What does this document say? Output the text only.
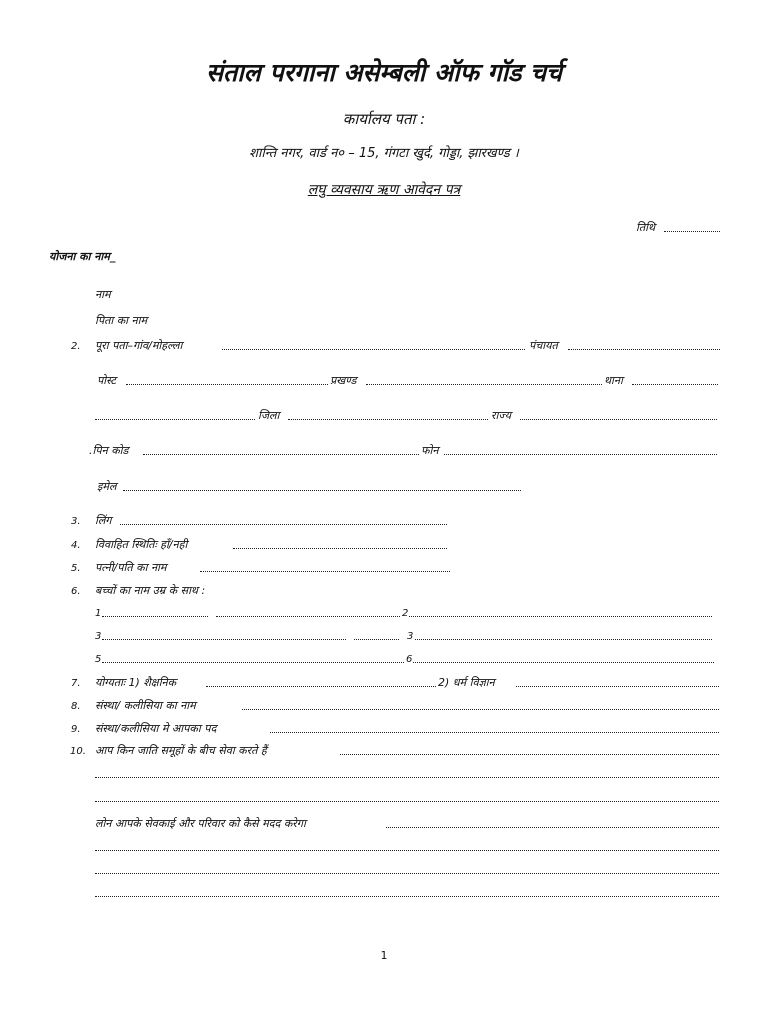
संताल परगाना असेम्बली ऑफ गॉड चर्च
कार्यालय पता :
शान्ति नगर, वार्ड न० – 15, गंगटा खुर्द, गोड्डा, झारखण्ड ।
लघु व्यवसाय ऋण आवेदन पत्र
तिथि
योजना का नाम_
नाम
पिता का नाम
2. पूरा पता–गांव/मोहल्ला	पंचायत
पोस्ट	प्रखण्ड	थाना
जिला	राज्य
.पिन कोड	फोन
इमेल
3. लिंग
4. विवाहित स्थितिः हाँ/नही
5. पत्नी/पति का नाम
6. बच्चों का नाम उम्र के साथ :
1	2
3	3
5	6
7. योग्यताः 1) शैक्षनिक	2) धर्म विज्ञान
8. संस्था/ कलीसिया का नाम
9. संस्था/कलीसिया मे आपका पद
10. आप किन जाति समूहों के बीच सेवा करते हैं
लोन आपके सेवकाई और परिवार को कैसे मदद करेगा
1
